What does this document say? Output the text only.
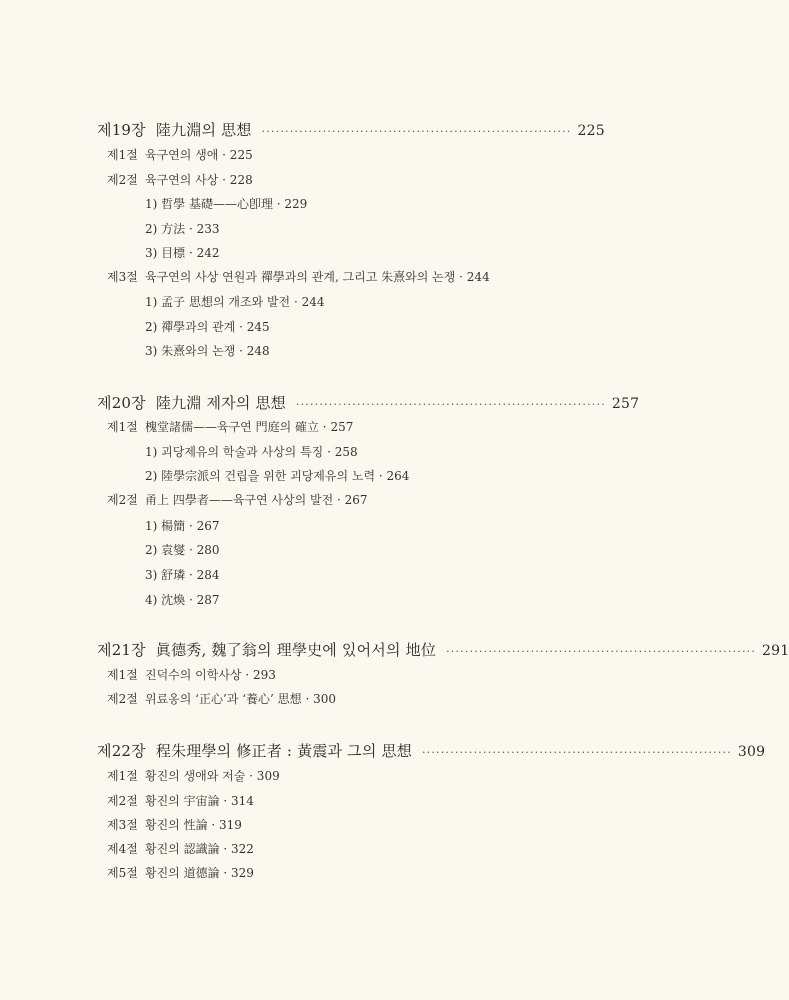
제19장 陸九淵의 思想 ·································································· 225
제1절 육구연의 생애 · 225
제2절 육구연의 사상 · 228
1) 哲學 基礎——心卽理 · 229
2) 方法 · 233
3) 目標 · 242
제3절 육구연의 사상 연원과 禪學과의 관계, 그리고 朱熹와의 논쟁 · 244
1) 孟子 思想의 개조와 발전 · 244
2) 禪學과의 관계 · 245
3) 朱熹와의 논쟁 · 248
제20장 陸九淵 제자의 思想 ·································································· 257
제1절 槐堂諸儒——육구연 門庭의 確立 · 257
1) 괴당제유의 학술과 사상의 특징 · 258
2) 陸學宗派의 건립을 위한 괴당제유의 노력 · 264
제2절 甬上 四學者——육구연 사상의 발전 · 267
1) 楊簡 · 267
2) 袁燮 · 280
3) 舒璘 · 284
4) 沈煥 · 287
제21장 眞德秀, 魏了翁의 理學史에 있어서의 地位 ·································································· 291
제1절 진덕수의 이학사상 · 293
제2절 위료옹의 ‘正心’과 ‘養心’ 思想 · 300
제22장 程朱理學의 修正者 : 黃震과 그의 思想 ·································································· 309
제1절 황진의 생애와 저술 · 309
제2절 황진의 宇宙論 · 314
제3절 황진의 性論 · 319
제4절 황진의 認識論 · 322
제5절 황진의 道德論 · 329
